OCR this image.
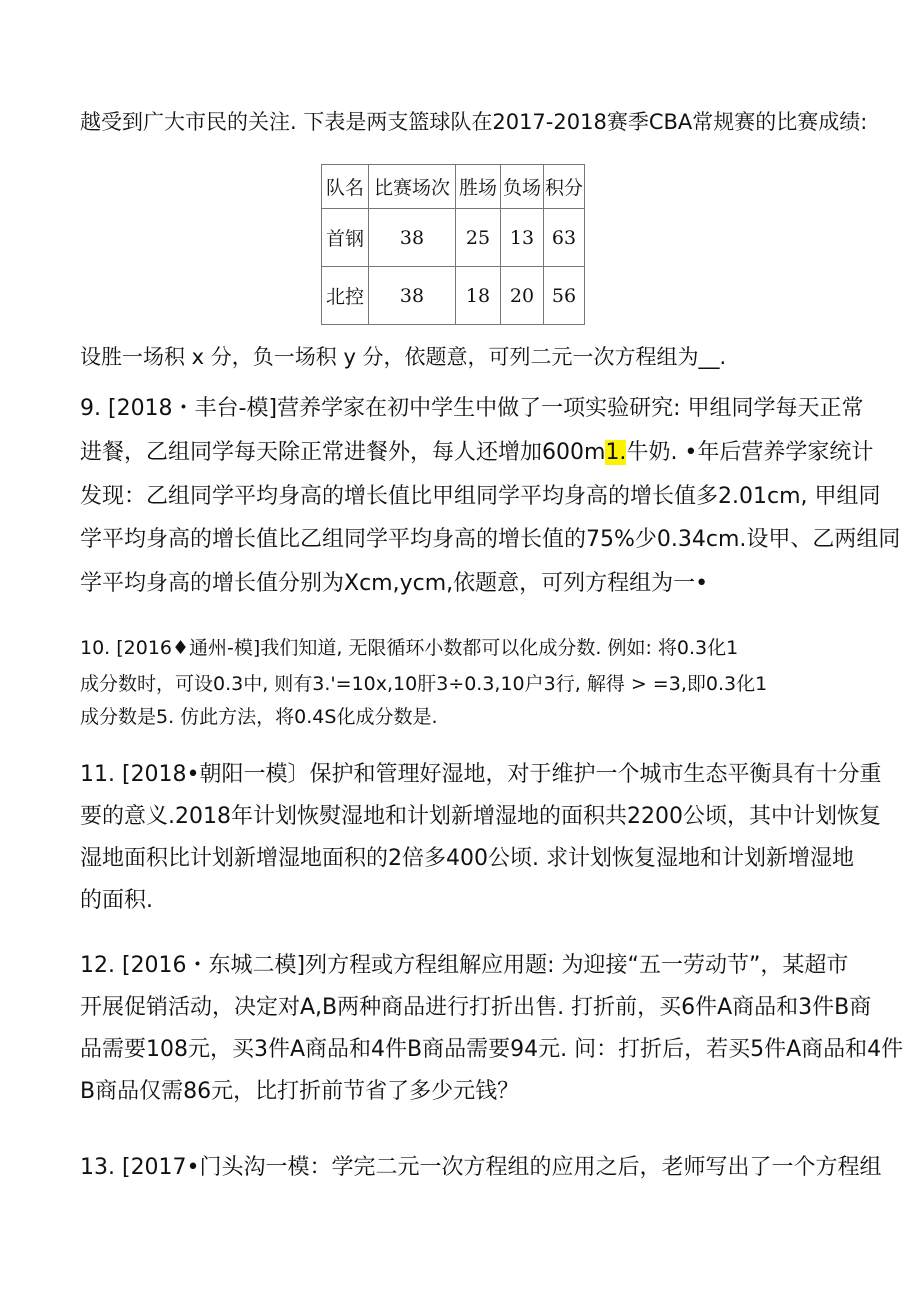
越受到广大市民的关注. 下表是两支篮球队在2017-2018赛季CBA常规赛的比赛成绩:
队名	比赛场次	胜场	负场	积分
首钢	38	25	13	63
北控	38	18	20	56
设胜一场积 x 分，负一场积 y 分，依题意，可列二元一次方程组为__.
9. [2018・丰台-模]营养学家在初中学生中做了一项实验研究: 甲组同学每天正常
进餐，乙组同学每天除正常进餐外，每人还增加600m1.牛奶. •年后营养学家统计
发现：乙组同学平均身高的增长值比甲组同学平均身高的增长值多2.01cm, 甲组同
学平均身高的增长值比乙组同学平均身高的增长值的75%少0.34cm.设甲、乙两组同
学平均身高的增长值分别为Xcm,ycm,依题意，可列方程组为一•
10. [2016♦通州-模]我们知道, 无限循环小数都可以化成分数. 例如: 将0.3化1
成分数时，可设0.3中, 则有3.'=10x,10肝3÷0.3,10户3行, 解得 > =3,即0.3化1
成分数是5. 仿此方法，将0.4S化成分数是.
11. [2018•朝阳一模〕保护和管理好湿地，对于维护一个城市生态平衡具有十分重
要的意义.2018年计划恢熨湿地和计划新增湿地的面积共2200公顷，其中计划恢复
湿地面积比计划新增湿地面积的2倍多400公顷. 求计划恢复湿地和计划新增湿地
的面积.
12. [2016・东城二模]列方程或方程组解应用题: 为迎接“五一劳动节”，某超市
开展促销活动，决定对A,B两种商品进行打折出售. 打折前，买6件A商品和3件B商
品需要108元，买3件A商品和4件B商品需要94元. 问：打折后，若买5件A商品和4件
B商品仅需86元，比打折前节省了多少元钱？
13. [2017•门头沟一模：学完二元一次方程组的应用之后，老师写出了一个方程组
